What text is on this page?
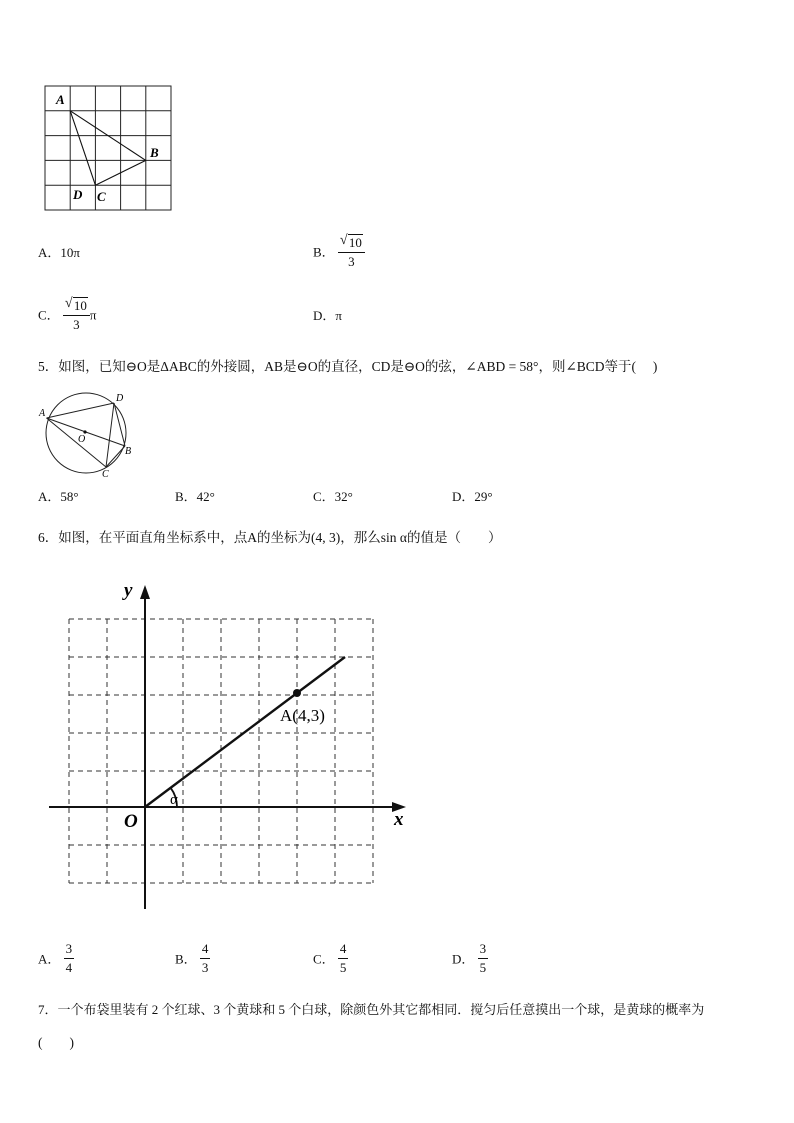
A
B
C
D
A．10π	B． $\frac{√ 10}{3}$
C． $\frac{√ 10}{3}$ π	D．π
5．如图，已知⊖O是ΔABC的外接圆，AB是⊖O的直径，CD是⊖O的弦，∠ABD = 58°，则∠BCD等于(　 )
A
D
B
C
O
A．58°	B．42°	C．32°	D．29°
6．如图，在平面直角坐标系中，点A的坐标为(4, 3)，那么sin α的值是（　　）
α
A(4,3)
O	x
y
A． $\frac{3}{4}$	B． $\frac{4}{3}$	C． $\frac{4}{5}$	D． $\frac{3}{5}$
7．一个布袋里装有 2 个红球、3 个黄球和 5 个白球，除颜色外其它都相同．搅匀后任意摸出一个球，是黄球的概率为
(　　)
